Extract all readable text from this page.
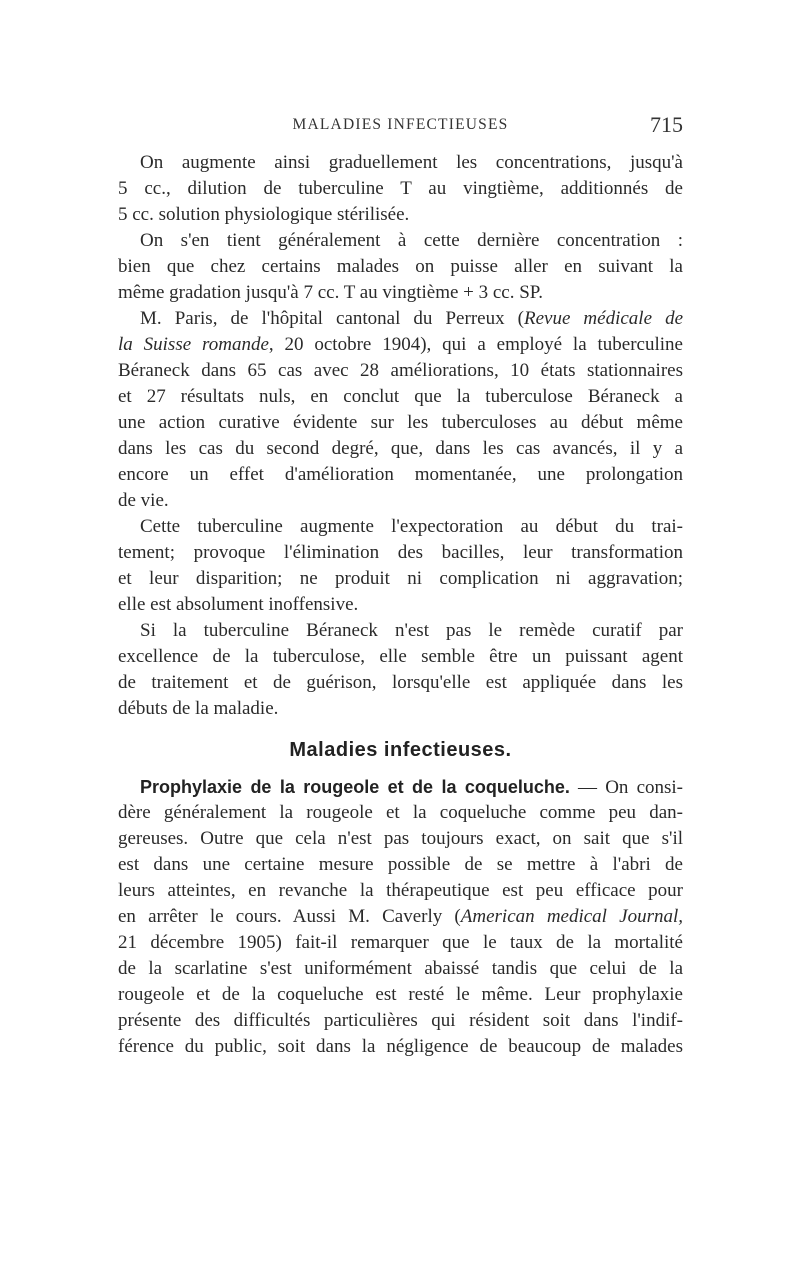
MALADIES INFECTIEUSES	715
On augmente ainsi graduellement les concentrations, jusqu'à
5 cc., dilution de tuberculine T au vingtième, additionnés de
5 cc. solution physiologique stérilisée.
On s'en tient généralement à cette dernière concentration :
bien que chez certains malades on puisse aller en suivant la
même gradation jusqu'à 7 cc. T au vingtième + 3 cc. SP.
M. Paris, de l'hôpital cantonal du Perreux (Revue médicale de
la Suisse romande, 20 octobre 1904), qui a employé la tuberculine
Béraneck dans 65 cas avec 28 améliorations, 10 états stationnaires
et 27 résultats nuls, en conclut que la tuberculose Béraneck a
une action curative évidente sur les tuberculoses au début même
dans les cas du second degré, que, dans les cas avancés, il y a
encore un effet d'amélioration momentanée, une prolongation
de vie.
Cette tuberculine augmente l'expectoration au début du trai-
tement; provoque l'élimination des bacilles, leur transformation
et leur disparition; ne produit ni complication ni aggravation;
elle est absolument inoffensive.
Si la tuberculine Béraneck n'est pas le remède curatif par
excellence de la tuberculose, elle semble être un puissant agent
de traitement et de guérison, lorsqu'elle est appliquée dans les
débuts de la maladie.
Maladies infectieuses.
Prophylaxie de la rougeole et de la coqueluche. — On consi-
dère généralement la rougeole et la coqueluche comme peu dan-
gereuses. Outre que cela n'est pas toujours exact, on sait que s'il
est dans une certaine mesure possible de se mettre à l'abri de
leurs atteintes, en revanche la thérapeutique est peu efficace pour
en arrêter le cours. Aussi M. Caverly (American medical Journal,
21 décembre 1905) fait-il remarquer que le taux de la mortalité
de la scarlatine s'est uniformément abaissé tandis que celui de la
rougeole et de la coqueluche est resté le même. Leur prophylaxie
présente des difficultés particulières qui résident soit dans l'indif-
férence du public, soit dans la négligence de beaucoup de malades
